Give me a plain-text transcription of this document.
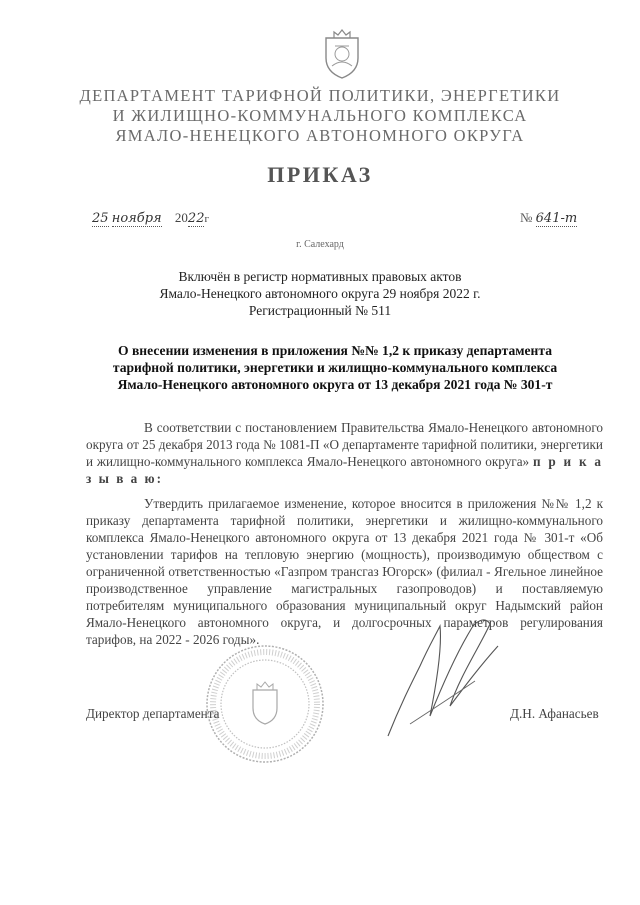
ДЕПАРТАМЕНТ ТАРИФНОЙ ПОЛИТИКИ, ЭНЕРГЕТИКИ
И ЖИЛИЩНО-КОММУНАЛЬНОГО КОМПЛЕКСА
ЯМАЛО-НЕНЕЦКОГО АВТОНОМНОГО ОКРУГА
ПРИКАЗ
25 ноября 2022г	№ 641-т
г. Салехард
Включён в регистр нормативных правовых актов
Ямало-Ненецкого автономного округа 29 ноября 2022 г.
Регистрационный № 511
О внесении изменения в приложения №№ 1,2 к приказу департамента
тарифной политики, энергетики и жилищно-коммунального комплекса
Ямало-Ненецкого автономного округа от 13 декабря 2021 года № 301-т
В соответствии с постановлением Правительства Ямало-Ненецкого автономного округа от 25 декабря 2013 года № 1081-П «О департаменте тарифной политики, энергетики и жилищно-коммунального комплекса Ямало-Ненецкого автономного округа» п р и к а з ы в а ю:
Утвердить прилагаемое изменение, которое вносится в приложения №№ 1,2 к приказу департамента тарифной политики, энергетики и жилищно-коммунального комплекса Ямало-Ненецкого автономного округа от 13 декабря 2021 года № 301-т «Об установлении тарифов на тепловую энергию (мощность), производимую обществом с ограниченной ответственностью «Газпром трансгаз Югорск» (филиал - Ягельное линейное производственное управление магистральных газопроводов) и поставляемую потребителям муниципального образования муниципальный округ Надымский район Ямало-Ненецкого автономного округа, и долгосрочных параметров регулирования тарифов, на 2022 - 2026 годы».
Директор департамента	Д.Н. Афанасьев
